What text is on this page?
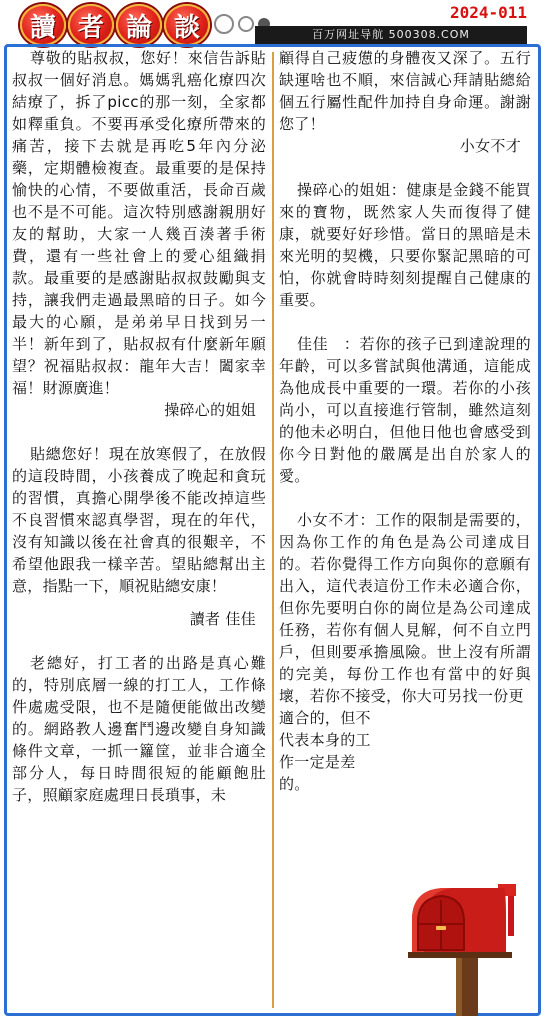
讀 者 論 談	2024-011
百万网址导航 500308.COM

尊敬的貼叔叔，您好！來信告訴貼叔叔一個好消息。媽媽乳癌化療四次結療了，拆了picc的那一刻，全家都如釋重負。不要再承受化療所帶來的痛苦，接下去就是再吃5年內分泌藥，定期體檢複查。最重要的是保持愉快的心情，不要做重活，長命百歲也不是不可能。這次特別感謝親朋好友的幫助，大家一人幾百湊著手術費，還有一些社會上的愛心組織捐款。最重要的是感謝貼叔叔鼓勵與支持，讓我們走過最黑暗的日子。如今最大的心願，是弟弟早日找到另一半！新年到了，貼叔叔有什麼新年願望？祝福貼叔叔：龍年大吉！闔家幸福！財源廣進！

操碎心的姐姐

貼總您好！現在放寒假了，在放假的這段時間，小孩養成了晚起和貪玩的習慣，真擔心開學後不能改掉這些不良習慣來認真學習，現在的年代，沒有知識以後在社會真的很艱辛，不希望他跟我一樣辛苦。望貼總幫出主意，指點一下，順祝貼總安康！

讀者 佳佳

老總好，打工者的出路是真心難的，特別底層一線的打工人，工作條件處處受限，也不是隨便能做出改變的。網路教人邊奮鬥邊改變自身知識條件文章，一抓一籮筐，並非合適全部分人，每日時間很短的能顧飽肚子，照顧家庭處理日長瑣事，未

顧得自己疲憊的身體夜又深了。五行缺運啥也不順，來信誠心拜請貼總給個五行屬性配件加持自身命運。謝謝您了！

小女不才

操碎心的姐姐：健康是金錢不能買來的寶物，既然家人失而復得了健康，就要好好珍惜。當日的黑暗是未來光明的契機，只要你緊記黑暗的可怕，你就會時時刻刻提醒自己健康的重要。

佳佳　：若你的孩子已到達說理的年齡，可以多嘗試與他溝通，這能成為他成長中重要的一環。若你的小孩尚小，可以直接進行管制，雖然這刻的他未必明白，但他日他也會感受到你今日對他的嚴厲是出自於家人的愛。

小女不才：工作的限制是需要的，因為你工作的角色是為公司達成目的。若你覺得工作方向與你的意願有出入，這代表這份工作未必適合你，但你先要明白你的崗位是為公司達成任務，若你有個人見解，何不自立門戶，但則要承擔風險。世上沒有所謂的完美，每份工作也有當中的好與壞，若你不接受，你大可另找一份更

適合的，但不
代表本身的工
作一定是差
的。
